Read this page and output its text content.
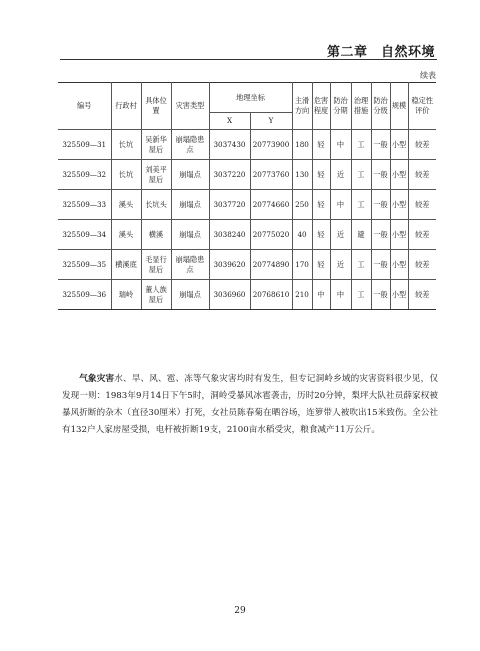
第二章　自然环境
续表
编号	行政村	具体位置	灾害类型	地理坐标		主滑方向	危害程度	防治分期	治理措施	防治分级	规模	稳定性评价
				X	Y							
325509—31	长坑	吴新华屋后	崩塌隐患点	3037430	20773900	180	轻	中	工	一般	小型	较差
325509—32	长坑	刘美平屋后	崩塌点	3037220	20773760	130	轻	近	工	一般	小型	较差
325509—33	溪头	长坑头	崩塌点	3037720	20774660	250	轻	中	工	一般	小型	较差
325509—34	溪头	横溪	崩塌点	3038240	20775020	40	轻	近	避	一般	小型	较差
325509—35	横溪底	毛显行屋后	崩塌隐患点	3039620	20774890	170	轻	近	工	一般	小型	较差
325509—36	瑞岭	董人族屋后	崩塌点	3036960	20768610	210	中	中	工	一般	小型	较差

气象灾害水、旱、风、雹、冻等气象灾害均时有发生，但专记洞岭乡域的灾害资料很少见，仅发现一则：1983年9月14日下午5时，洞岭受暴风冰雹袭击，历时20分钟，梨坪大队社员薛家权被暴风折断的杂木（直径30厘米）打死，女社员陈春菊在晒谷场，连箩带人被吹出15米致伤。全公社有132户人家房屋受损，电杆被折断19支，2100亩水稻受灾，粮食减产11万公斤。

29
